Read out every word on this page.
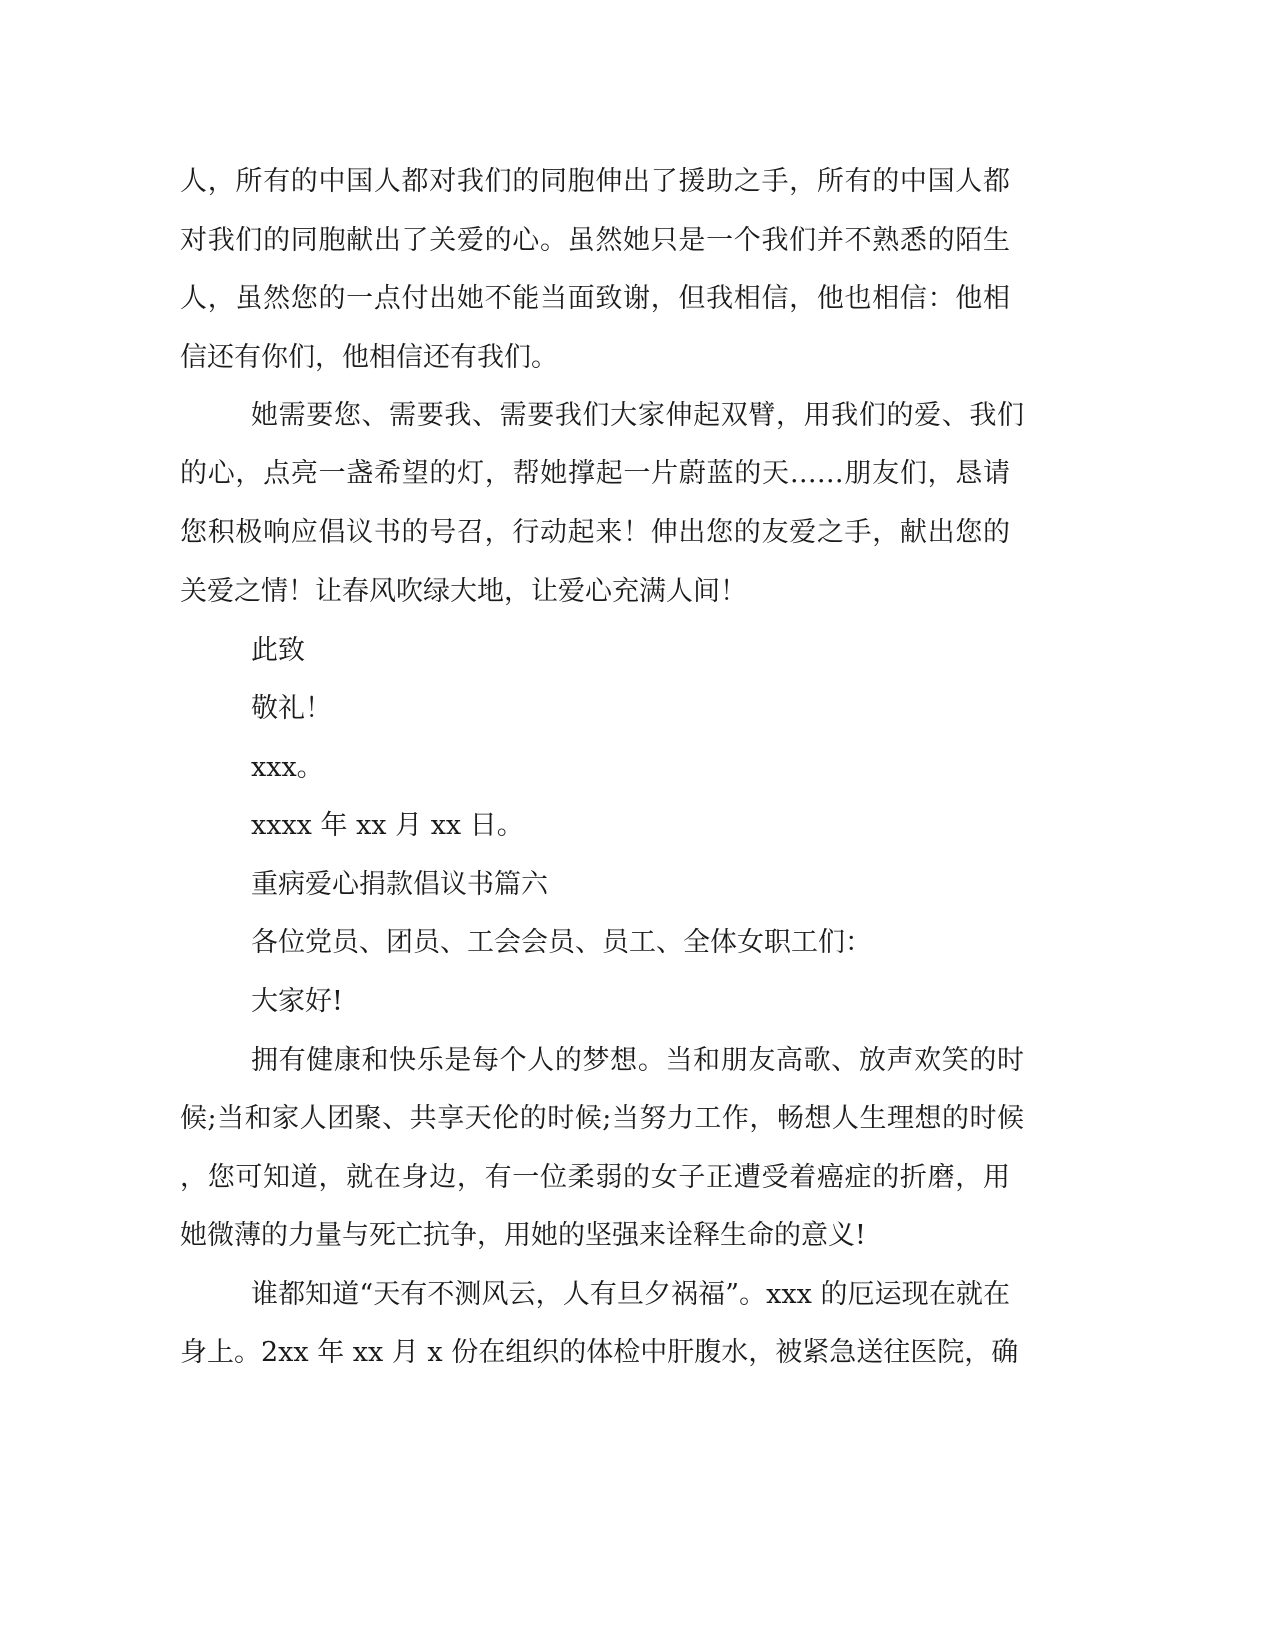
人，所有的中国人都对我们的同胞伸出了援助之手，所有的中国人都
对我们的同胞献出了关爱的心。虽然她只是一个我们并不熟悉的陌生
人，虽然您的一点付出她不能当面致谢，但我相信，他也相信：他相
信还有你们，他相信还有我们。
她需要您、需要我、需要我们大家伸起双臂，用我们的爱、我们
的心，点亮一盏希望的灯，帮她撑起一片蔚蓝的天……朋友们，恳请
您积极响应倡议书的号召，行动起来！伸出您的友爱之手，献出您的
关爱之情！让春风吹绿大地，让爱心充满人间！
此致
敬礼！
xxx。
xxxx 年 xx 月 xx 日。
重病爱心捐款倡议书篇六
各位党员、团员、工会会员、员工、全体女职工们：
大家好!
拥有健康和快乐是每个人的梦想。当和朋友高歌、放声欢笑的时
候;当和家人团聚、共享天伦的时候;当努力工作，畅想人生理想的时候
，您可知道，就在身边，有一位柔弱的女子正遭受着癌症的折磨，用
她微薄的力量与死亡抗争，用她的坚强来诠释生命的意义!
谁都知道“天有不测风云，人有旦夕祸福”。xxx 的厄运现在就在
身上。2xx 年 xx 月 x 份在组织的体检中肝腹水，被紧急送往医院，确
